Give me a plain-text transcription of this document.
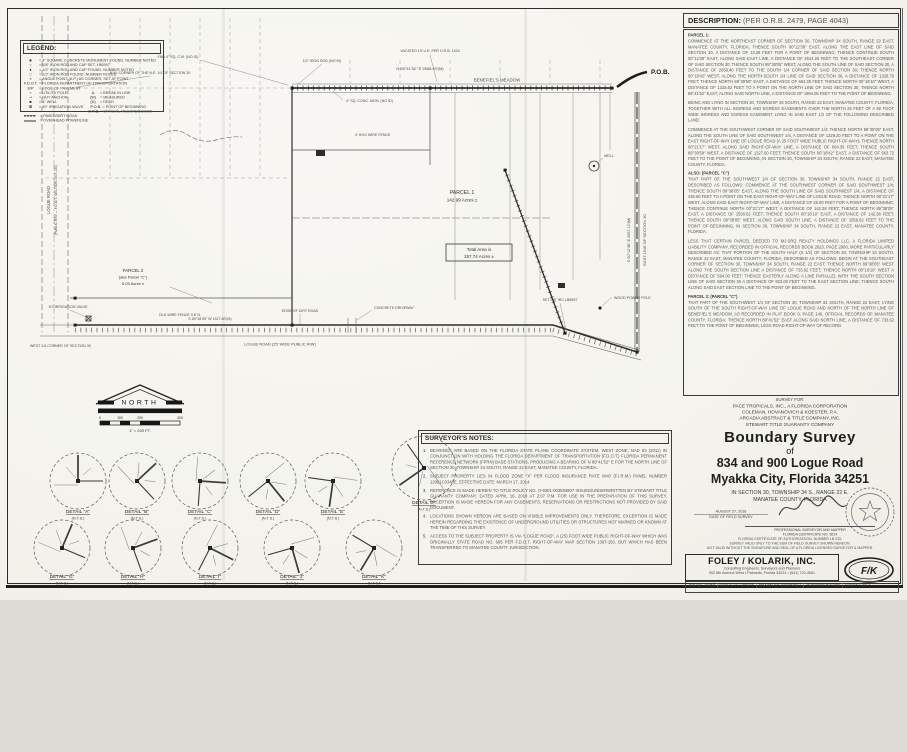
P.O.B.
BENEFIEL'S MEADOW
N 89°41'52" E 2658.40'(M)
EAST LINE OF SECTION 30
S 00°12'38" E 2657.12'(M)
LOGUE ROAD (PUBLIC R/W — F.D.O.T. SECTION 1307-150)
LOGUE ROAD (25' WIDE PUBLIC R/W)
S 89°38'05" W 1327.60'(M)
PARCEL 1
142.99 Acres ±
Total Area is
157.74 Acres ±
PARCEL 2
(aka Parcel "C")
5.09 Acres ±
FND 4" SQ. C.M. (NO ID)
1/2" IRON ROD (NO ID)
VACATED 15' U.E. PER O.R.B. 1424
4' HOG WIRE FENCE
4" SQ. CONC. MON. (NO ID)
WOOD POWER POLE
EDGE OF DIRT ROAD
OLD WIRE FENCE 0.8' N.
SET 5/8" IRC LB6597
WELL
N.W. CORNER OF THE N.E. 1/4 OF SECTION 30
WEST 1/4 CORNER OF SECTION 30
10" IRRIGATION VALVE	CONCRETE DRIVEWAY
NORTH
0	100	200	400
1" = 200 FT.
LEGEND:
■ = 4" SQUARE CONCRETE MONUMENT FOUND, NUMBER NOTED
○ = 5/8" IRON ROD AND CAP SET, LB6597
● = 1/2" IRON ROD AND CAP FOUND, NUMBER NOTED
□ = 1/2" IRON ROD FOUND, NUMBER NOTED
× = ANGLE POINT (A.P.) AS CORNER, SET AT POINT
F.D.O.T. = FLORIDA DEPARTMENT OF TRANSPORTATION
E/P = EDGE OF PAVEMENT
⌁ = UTILITY POLE	Δ = BREAK IN LINE
⊸ = GUY ANCHOR	(M) = MEASURED
■ = 4" WELL	(D) = DEED
⊠ = 10" IRRIGATION VALVE P.O.B. = POINT OF BEGINNING
O.R.B. = OFFICIAL RECORDS BOOK
= PAVED/DIRT ROAD
= OVERHEAD POWERLINE
DESCRIPTION: (PER O.R.B. 2479, PAGE 4043)
PARCEL 1:

COMMENCE AT THE NORTHEAST CORNER OF SECTION 30, TOWNSHIP 34 SOUTH, RANGE 22 EAST, MANATEE COUNTY, FLORIDA; THENCE SOUTH 00°12'38" EAST, ALONG THE EAST LINE OF SAID SECTION 30, A DISTANCE OF 13.28 FEET FOR A POINT OF BEGINNING; THENCE CONTINUE SOUTH 00°12'38" EAST, ALONG SAID EAST LINE, A DISTANCE OF 2644.26 FEET TO THE SOUTHEAST CORNER OF SAID SECTION 30; THENCE SOUTH 89°38'05" WEST, ALONG THE SOUTH LINE OF SAID SECTION 30, A DISTANCE OF 2658.40 FEET TO THE SOUTH 1/4 CORNER OF SAID SECTION 30; THENCE NORTH 00°18'42" WEST, ALONG THE NORTH-SOUTH 1/4 LINE OF SAID SECTION 30, A DISTANCE OF 1328.70 FEET; THENCE NORTH 89°39'58" EAST, A DISTANCE OF 664.35 FEET; THENCE NORTH 00°16'10" WEST, A DISTANCE OF 1315.62 FEET TO A POINT ON THE NORTH LINE OF SAID SECTION 30; THENCE NORTH 89°41'52" EAST, ALONG SAID NORTH LINE, A DISTANCE OF 1994.05 FEET TO THE POINT OF BEGINNING.

BEING AND LYING IN SECTION 30, TOWNSHIP 34 SOUTH, RANGE 22 EAST, MANATEE COUNTY, FLORIDA, TOGETHER WITH ALL INGRESS AND EGRESS EASEMENTS OVER THE NORTH 25 FEET OF A 50 FOOT WIDE INGRESS AND EGRESS EASEMENT LYING IN SAID EAST 1/2 OF THE FOLLOWING DESCRIBED LAND.

COMMENCE AT THE SOUTHWEST CORNER OF SAID SOUTHWEST 1/4; THENCE NORTH 89°38'05" EAST, ALONG THE SOUTH LINE OF SAID SOUTHWEST 1/4, A DISTANCE OF 1329.20 FEET TO A POINT ON THE EAST RIGHT-OF-WAY LINE OF LOGUE ROAD (A 25 FOOT WIDE PUBLIC RIGHT-OF-WAY); THENCE NORTH 00°21'17" WEST, ALONG SAID RIGHT-OF-WAY LINE, A DISTANCE OF 664.35 FEET; THENCE SOUTH 89°39'58" WEST, A DISTANCE OF 1327.60 FEET; THENCE SOUTH 00°18'42" EAST, A DISTANCE OF 663.72 FEET TO THE POINT OF BEGINNING, IN SECTION 30, TOWNSHIP 34 SOUTH, RANGE 22 EAST, MANATEE COUNTY, FLORIDA.

ALSO: (PARCEL "C")

THAT PART OF THE SOUTHWEST 1/4 OF SECTION 30, TOWNSHIP 34 SOUTH, RANGE 22 EAST, DESCRIBED AS FOLLOWS: COMMENCE AT THE SOUTHWEST CORNER OF SAID SOUTHWEST 1/4; THENCE SOUTH 89°38'05" EAST, ALONG THE SOUTH LINE OF SAID SOUTHWEST 1/4, A DISTANCE OF 436.60 FEET TO A POINT ON THE EAST RIGHT-OF-WAY LINE OF LOGUE ROAD; THENCE NORTH 00°21'17" WEST, ALONG SAID EAST RIGHT-OF-WAY LINE, A DISTANCE OF 25.00 FEET FOR A POINT OF BEGINNING; THENCE CONTINUE NORTH 00°21'17" WEST, A DISTANCE OF 142.38 FEET; THENCE NORTH 89°38'05" EAST, A DISTANCE OF 1558.62 FEET; THENCE SOUTH 00°16'10" EAST, A DISTANCE OF 142.38 FEET; THENCE SOUTH 89°38'05" WEST, ALONG SAID SOUTH LINE, A DISTANCE OF 1558.62 FEET TO THE POINT OF BEGINNING, IN SECTION 30, TOWNSHIP 34 SOUTH, RANGE 22 EAST, MANATEE COUNTY, FLORIDA.

LESS THAT CERTAIN PARCEL DEEDED TO MJ-SRQ REALTY HOLDINGS LLC, A FLORIDA LIMITED LIABILITY COMPANY, RECORDED IN OFFICIAL RECORDS BOOK 2623, PAGE 2900, MORE PARTICULARLY DESCRIBED AS: THAT PORTION OF THE SOUTH HALF (S 1/2) OF SECTION 30, TOWNSHIP 34 SOUTH, RANGE 22 EAST, MANATEE COUNTY, FLORIDA, DESCRIBED AS FOLLOWS: BEGIN AT THE SOUTHEAST CORNER OF SECTION 30, TOWNSHIP 34 SOUTH, RANGE 22 EAST; THENCE NORTH 89°38'05" WEST ALONG THE SOUTH SECTION LINE A DISTANCE OF 733.62 FEET; THENCE NORTH 00°16'10" WEST A DISTANCE OF 594.00 FEET; THENCE EASTERLY ALONG A LINE PARALLEL WITH THE SOUTH SECTION LINE OF SAID SECTION 30 A DISTANCE OF 823.00 FEET TO THE EAST SECTION LINE; THENCE SOUTH ALONG SAID EAST SECTION LINE TO THE POINT OF BEGINNING.

PARCEL 2: (PARCEL "C")

THAT PART OF THE SOUTHWEST 1/4 OF SECTION 30, TOWNSHIP 34 SOUTH, RANGE 22 EAST, LYING SOUTH OF THE SOUTH RIGHT-OF-WAY LINE OF LOGUE ROAD AND NORTH OF THE NORTH LINE OF BENEFIEL'S MEADOW, AS RECORDED IN PLAT BOOK 9, PAGE 146, OFFICIAL RECORDS OF MANATEE COUNTY, FLORIDA; THENCE NORTH 89°41'52" EAST ALONG SAID NORTH LINE, A DISTANCE OF 733.62 FEET TO THE POINT OF BEGINNING, LESS ROAD RIGHT-OF-WAY OF RECORD.

SURVEYOR'S NOTES:
1. BEARINGS ARE BASED ON THE FLORIDA STATE PLANE COORDINATE SYSTEM, WEST ZONE, NAD 83 (2011) IN CONJUNCTION WITH HOLDING THE FLORIDA DEPARTMENT OF TRANSPORTATION (F.D.O.T.) FLORIDA PERMANENT REFERENCE NETWORK (FPRN) BASE STATIONS, PRODUCING A BEARING OF N 89°41'52" E FOR THE NORTH LINE OF SECTION 30, TOWNSHIP 34 SOUTH, RANGE 22 EAST, MANATEE COUNTY, FLORIDA.
2. SUBJECT PROPERTY LIES IN FLOOD ZONE "X" PER FLOOD INSURANCE RATE MAP (F.I.R.M.) PANEL NUMBER 12081C0340E, EFFECTIVE DATE: MARCH 17, 2014.
3. REFERENCE IS MADE HEREIN TO TITLE POLICY NO. O-9301-003594907 ISSUED/UNDERWRITTEN BY STEWART TITLE GUARANTY COMPANY, DATED APRIL 16, 2018 AT 2:07 P.M. FOR USE IN THE PREPARATION OF THIS SURVEY. EXCEPTION IS MADE HEREON FOR ANY EASEMENTS, RESERVATIONS OR RESTRICTIONS NOT PROVIDED BY SAID DOCUMENT.
4. LOCATIONS SHOWN HEREON ARE BASED ON VISIBLE IMPROVEMENTS ONLY. THEREFORE, EXCEPTION IS MADE HEREIN REGARDING THE EXISTENCE OF UNDERGROUND UTILITIES OR STRUCTURES NOT MARKED OR KNOWN AT THE TIME OF THIS SURVEY.
5. ACCESS TO THE SUBJECT PROPERTY IS VIA "LOGUE ROAD", A (25) FOOT WIDE PUBLIC RIGHT-OF-WAY WHICH WAS ORIGINALLY STATE ROAD NO. 695 PER F.D.O.T. RIGHT-OF-WAY MAP SECTION 1307-150, BUT WHICH HAS BEEN TRANSFERRED TO MANATEE COUNTY JURISDICTION.
DETAIL "A"
(N.T.S.)
DETAIL "B"
(N.T.S.)
DETAIL "C"
(N.T.S.)
DETAIL "D"
(N.T.S.)
DETAIL "E"
(N.T.S.)
DETAIL "F"
(N.T.S.)
DETAIL "G"
(N.T.S.)
DETAIL "H"
(N.T.S.)
DETAIL "I"
(N.T.S.)
DETAIL "J"
(N.T.S.)
DETAIL "K"
(N.T.S.)
SURVEY FOR:
PACE TROPICALS, INC., A FLORIDA CORPORATION
COLEMAN, HOVANOVICH & KOESTER, P.A.
ARCADIA ABSTRACT & TITLE COMPANY, INC.
STEWART TITLE GUARANTY COMPANY
Boundary Survey
of
834 and 900 Logue Road
Myakka City, Florida 34251
IN SECTION 30, TOWNSHIP 34 S., RANGE 22 E.
MANATEE COUNTY, FLORIDA
AUGUST 27, 2018
DATE OF FIELD SURVEY
PROFESSIONAL SURVEYOR AND MAPPER
FLORIDA CERTIFICATE NO. 5614
FLORIDA CERTIFICATE OF AUTHORIZATION, NUMBER LB 233.
SURVEY VALID ONLY TO THE SUM OF FIELD SURVEY SHOWN HEREON.
NOT VALID WITHOUT THE SIGNATURE AND SEAL OF A FLORIDA LICENSED SURVEYOR & MAPPER.
FOLEY / KOLARIK, INC.
Consulting Engineers, Surveyors and Planners
302 6th Avenue West • Palmetto, Florida 34221 • (941) 722-4561	F/K
JOB NO. 19768 SCALE: 1" = 200 FT. DRAWN BY: CANTWELL CHECKED BY: VDK SHEET 1 OF 1
